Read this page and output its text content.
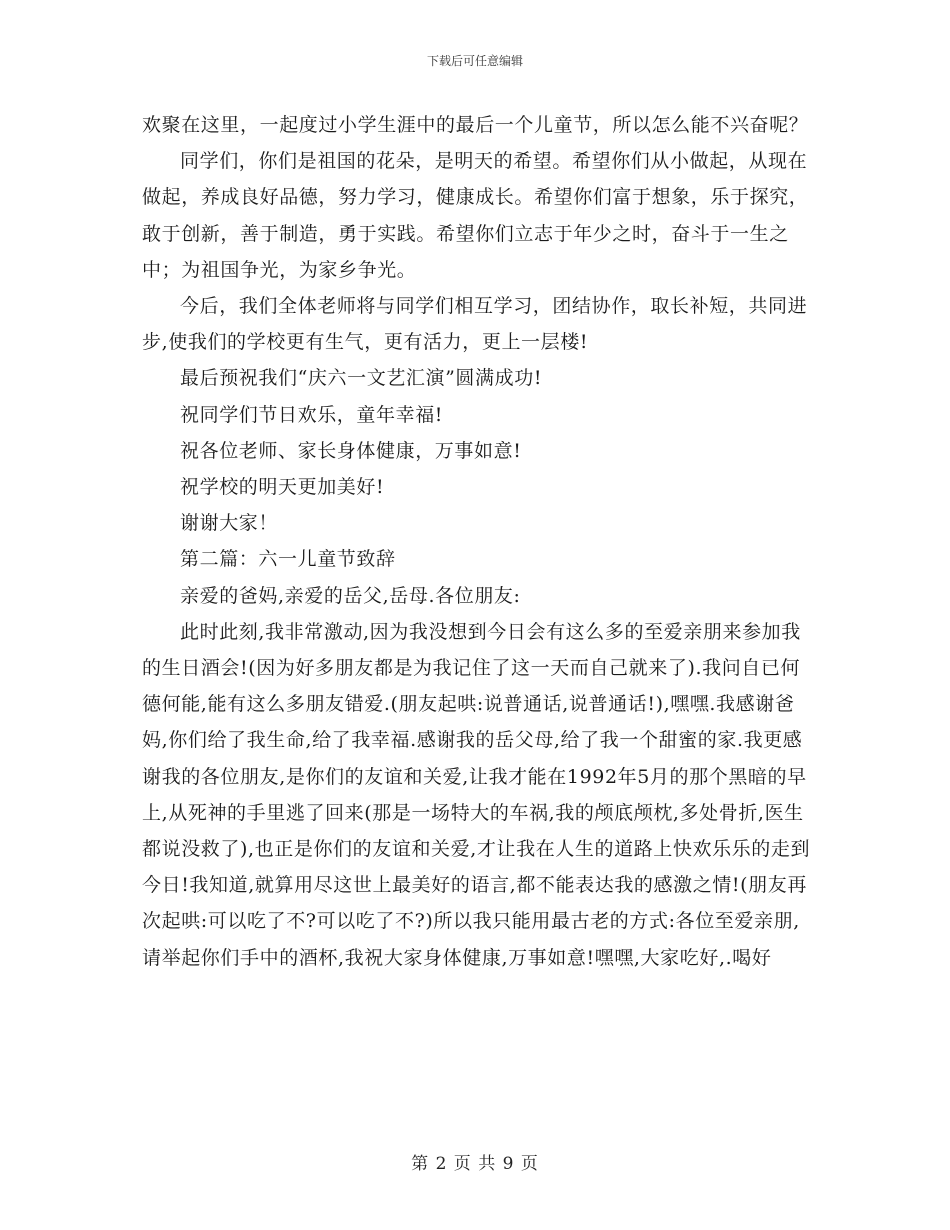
下载后可任意编辑

欢聚在这里，一起度过小学生涯中的最后一个儿童节，所以怎么能不兴奋呢？

同学们，你们是祖国的花朵，是明天的希望。希望你们从小做起，从现在做起，养成良好品德，努力学习，健康成长。希望你们富于想象，乐于探究，敢于创新，善于制造，勇于实践。希望你们立志于年少之时，奋斗于一生之中；为祖国争光，为家乡争光。

今后，我们全体老师将与同学们相互学习，团结协作，取长补短，共同进步,使我们的学校更有生气，更有活力，更上一层楼!

最后预祝我们“庆六一文艺汇演”圆满成功!

祝同学们节日欢乐，童年幸福!

祝各位老师、家长身体健康，万事如意!

祝学校的明天更加美好!

谢谢大家！

第二篇：六一儿童节致辞

亲爱的爸妈,亲爱的岳父,岳母.各位朋友:

此时此刻,我非常激动,因为我没想到今日会有这么多的至爱亲朋来参加我的生日酒会!(因为好多朋友都是为我记住了这一天而自己就来了).我问自已何德何能,能有这么多朋友错爱.(朋友起哄:说普通话,说普通话!),嘿嘿.我感谢爸妈,你们给了我生命,给了我幸福.感谢我的岳父母,给了我一个甜蜜的家.我更感谢我的各位朋友,是你们的友谊和关爱,让我才能在1992年5月的那个黑暗的早上,从死神的手里逃了回来(那是一场特大的车祸,我的颅底颅枕,多处骨折,医生都说没救了),也正是你们的友谊和关爱,才让我在人生的道路上快欢乐乐的走到今日!我知道,就算用尽这世上最美好的语言,都不能表达我的感激之情!(朋友再次起哄:可以吃了不?可以吃了不?)所以我只能用最古老的方式:各位至爱亲朋,请举起你们手中的酒杯,我祝大家身体健康,万事如意!嘿嘿,大家吃好,.喝好

第 2 页 共 9 页
